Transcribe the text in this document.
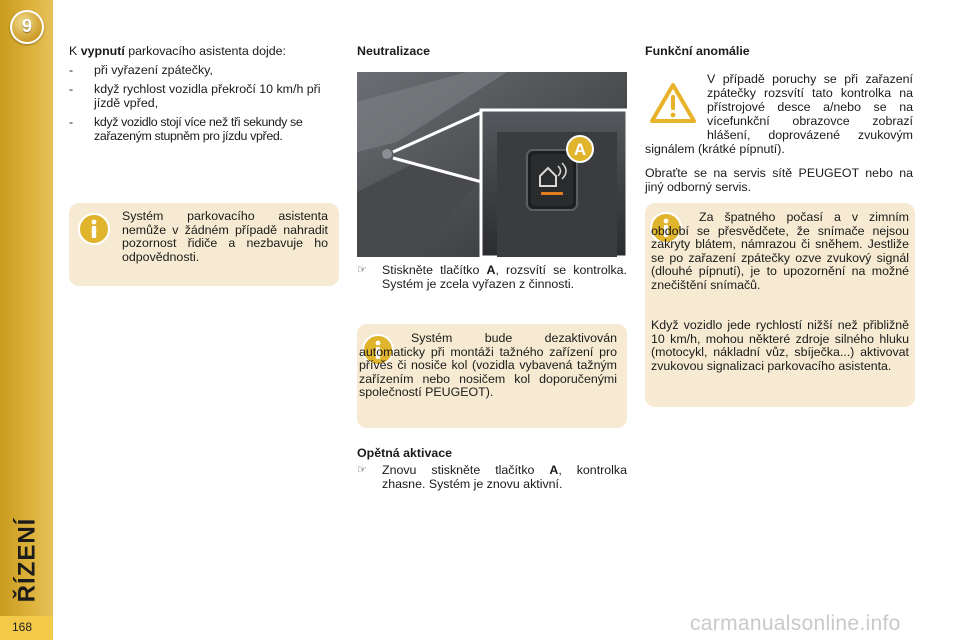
9
ŘÍZENÍ
168
K vypnutí parkovacího asistenta dojde:
- při vyřazení zpátečky,
- když rychlost vozidla překročí 10 km/h při jízdě vpřed,
- když vozidlo stojí více než tři sekundy se zařazeným stupněm pro jízdu vpřed.

Systém parkovacího asistenta nemůže v žádném případě nahradit pozornost řidiče a nezbavuje ho odpovědnosti.

Neutralizace
A
☞ Stiskněte tlačítko A, rozsvítí se kontrolka. Systém je zcela vyřazen z činnosti.

Systém bude dezaktivován automaticky při montáži tažného zařízení pro přívěs či nosiče kol (vozidla vybavená tažným zařízením nebo nosičem kol doporučenými společností PEUGEOT).

Opětná aktivace
☞ Znovu stiskněte tlačítko A, kontrolka zhasne. Systém je znovu aktivní.
Funkční anomálie
V případě poruchy se při zařazení zpátečky rozsvítí tato kontrolka na přístrojové desce a/nebo se na vícefunkční obrazovce zobrazí hlášení, doprovázené zvukovým signálem (krátké pípnutí).
Obraťte se na servis sítě PEUGEOT nebo na jiný odborný servis.

Za špatného počasí a v zimním období se přesvědčete, že snímače nejsou zakryty blátem, námrazou či sněhem. Jestliže se po zařazení zpátečky ozve zvukový signál (dlouhé pípnutí), je to upozornění na možné znečištění snímačů.

Když vozidlo jede rychlostí nižší než přibližně 10 km/h, mohou některé zdroje silného hluku (motocykl, nákladní vůz, sbíječka...) aktivovat zvukovou signalizaci parkovacího asistenta.

carmanualsonline.info
